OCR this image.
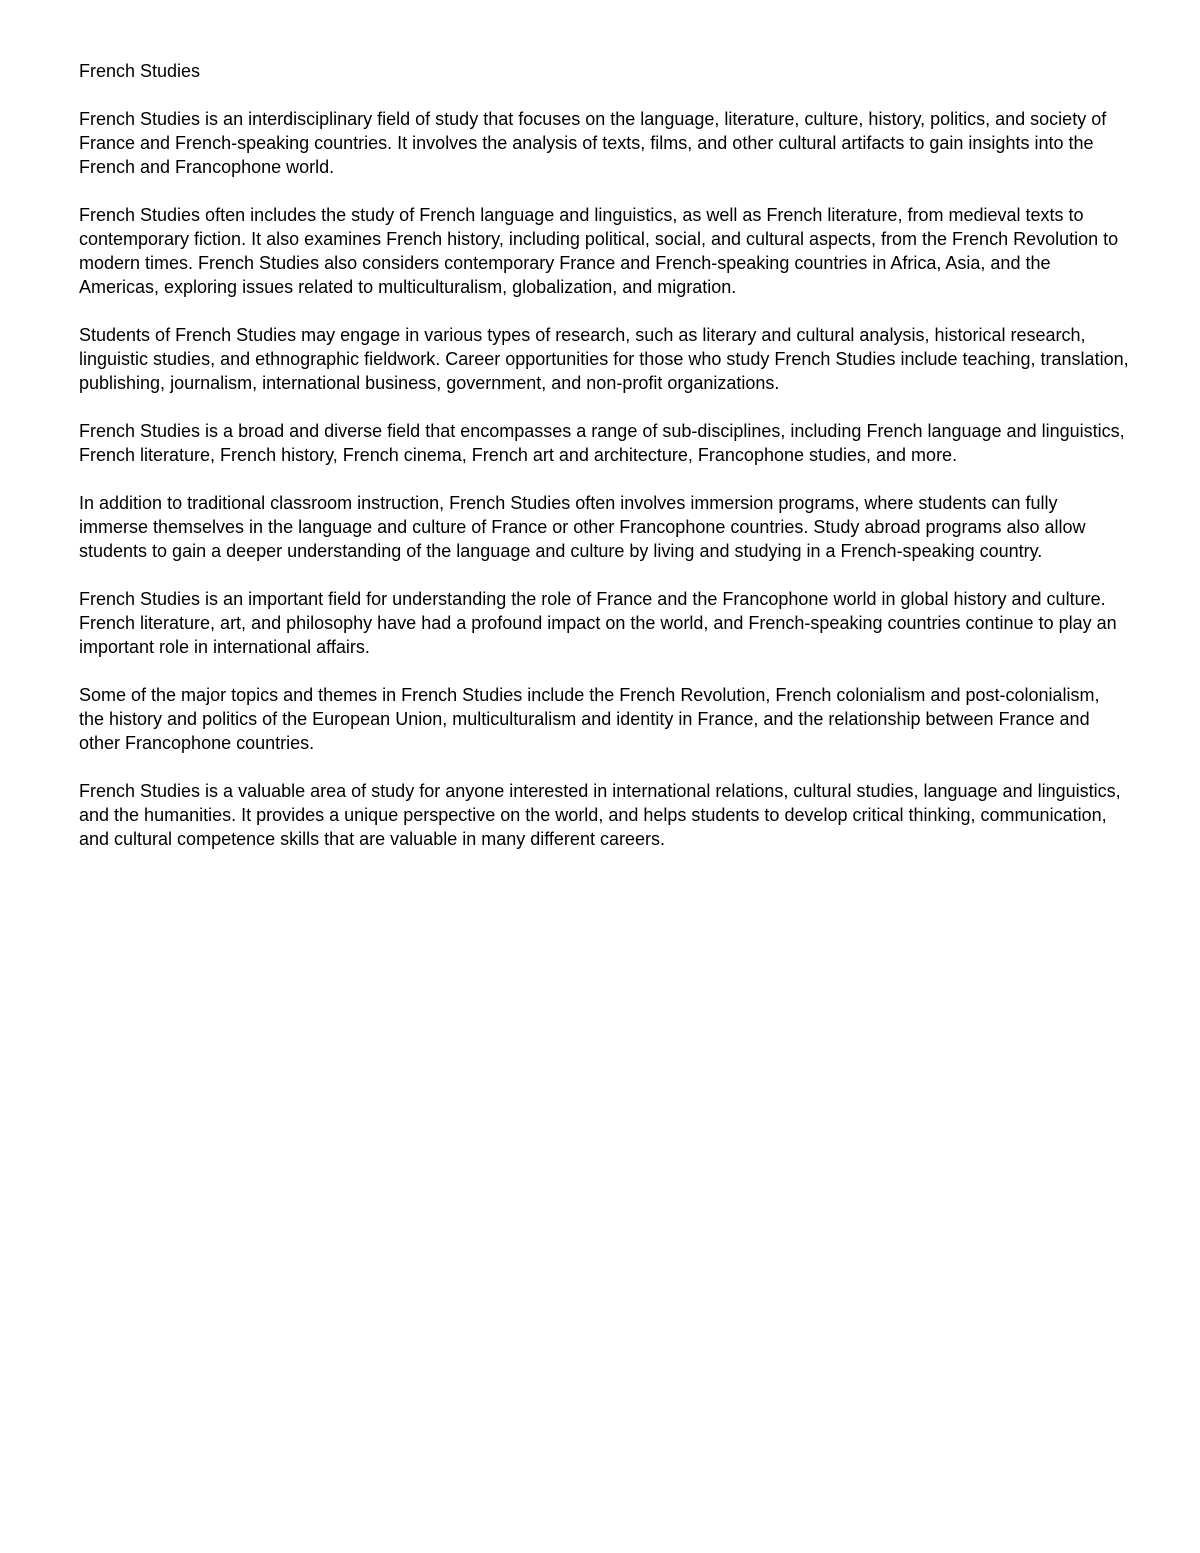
French Studies

French Studies is an interdisciplinary field of study that focuses on the language, literature, culture, history, politics, and society of France and French-speaking countries. It involves the analysis of texts, films, and other cultural artifacts to gain insights into the French and Francophone world.

French Studies often includes the study of French language and linguistics, as well as French literature, from medieval texts to contemporary fiction. It also examines French history, including political, social, and cultural aspects, from the French Revolution to modern times. French Studies also considers contemporary France and French-speaking countries in Africa, Asia, and the Americas, exploring issues related to multiculturalism, globalization, and migration.

Students of French Studies may engage in various types of research, such as literary and cultural analysis, historical research, linguistic studies, and ethnographic fieldwork. Career opportunities for those who study French Studies include teaching, translation, publishing, journalism, international business, government, and non-profit organizations.

French Studies is a broad and diverse field that encompasses a range of sub-disciplines, including French language and linguistics, French literature, French history, French cinema, French art and architecture, Francophone studies, and more.

In addition to traditional classroom instruction, French Studies often involves immersion programs, where students can fully immerse themselves in the language and culture of France or other Francophone countries. Study abroad programs also allow students to gain a deeper understanding of the language and culture by living and studying in a French-speaking country.

French Studies is an important field for understanding the role of France and the Francophone world in global history and culture. French literature, art, and philosophy have had a profound impact on the world, and French-speaking countries continue to play an important role in international affairs.

Some of the major topics and themes in French Studies include the French Revolution, French colonialism and post-colonialism, the history and politics of the European Union, multiculturalism and identity in France, and the relationship between France and other Francophone countries.

French Studies is a valuable area of study for anyone interested in international relations, cultural studies, language and linguistics, and the humanities. It provides a unique perspective on the world, and helps students to develop critical thinking, communication, and cultural competence skills that are valuable in many different careers.
